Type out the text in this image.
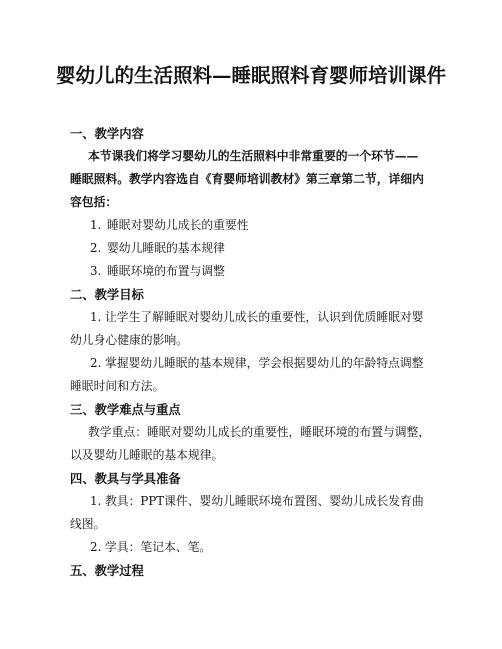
婴幼儿的生活照料—睡眠照料育婴师培训课件
一、教学内容
本节课我们将学习婴幼儿的生活照料中非常重要的一个环节——
睡眠照料。教学内容选自《育婴师培训教材》第三章第二节，详细内
容包括：
1. 睡眠对婴幼儿成长的重要性
2. 婴幼儿睡眠的基本规律
3. 睡眠环境的布置与调整
二、教学目标
1. 让学生了解睡眠对婴幼儿成长的重要性，认识到优质睡眠对婴
幼儿身心健康的影响。
2. 掌握婴幼儿睡眠的基本规律，学会根据婴幼儿的年龄特点调整
睡眠时间和方法。
三、教学难点与重点
教学重点：睡眠对婴幼儿成长的重要性，睡眠环境的布置与调整，
以及婴幼儿睡眠的基本规律。
四、教具与学具准备
1. 教具：PPT课件、婴幼儿睡眠环境布置图、婴幼儿成长发育曲
线图。
2. 学具：笔记本、笔。
五、教学过程
